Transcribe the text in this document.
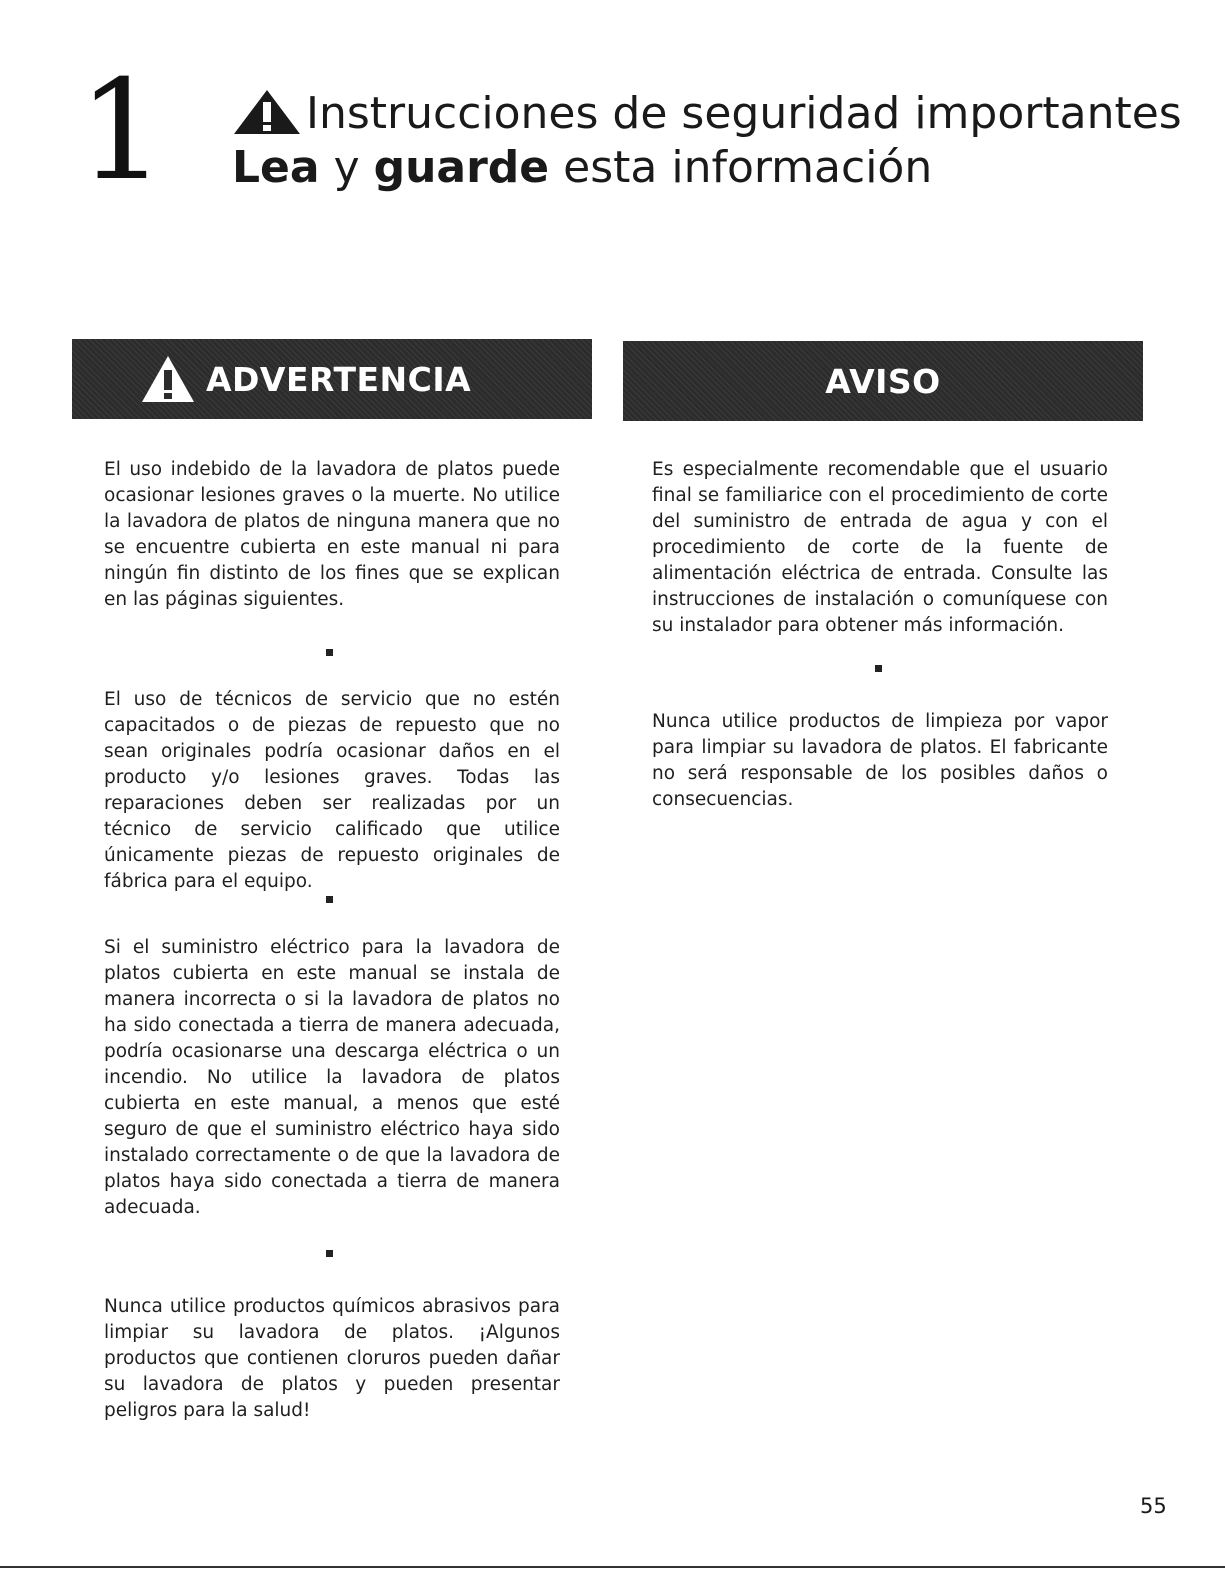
1	Instrucciones de seguridad importantes
Lea y guarde esta información
ADVERTENCIA	AVISO

El uso indebido de la lavadora de platos puede ocasionar lesiones graves o la muerte. No utilice la lavadora de platos de ninguna manera que no se encuentre cubierta en este manual ni para ningún fin distinto de los fines que se explican en las páginas siguientes.

El uso de técnicos de servicio que no estén capacitados o de piezas de repuesto que no sean originales podría ocasionar daños en el producto y/o lesiones graves. Todas las reparaciones deben ser realizadas por un técnico de servicio calificado que utilice únicamente piezas de repuesto originales de fábrica para el equipo.

Si el suministro eléctrico para la lavadora de platos cubierta en este manual se instala de manera incorrecta o si la lavadora de platos no ha sido conectada a tierra de manera adecuada, podría ocasionarse una descarga eléctrica o un incendio. No utilice la lavadora de platos cubierta en este manual, a menos que esté seguro de que el suministro eléctrico haya sido instalado correctamente o de que la lavadora de platos haya sido conectada a tierra de manera adecuada.

Nunca utilice productos químicos abrasivos para limpiar su lavadora de platos. ¡Algunos productos que contienen cloruros pueden dañar su lavadora de platos y pueden presentar peligros para la salud!

Es especialmente recomendable que el usuario final se familiarice con el procedimiento de corte del suministro de entrada de agua y con el procedimiento de corte de la fuente de alimentación eléctrica de entrada. Consulte las instrucciones de instalación o comuníquese con su instalador para obtener más información.

Nunca utilice productos de limpieza por vapor para limpiar su lavadora de platos. El fabricante no será responsable de los posibles daños o consecuencias.

55
